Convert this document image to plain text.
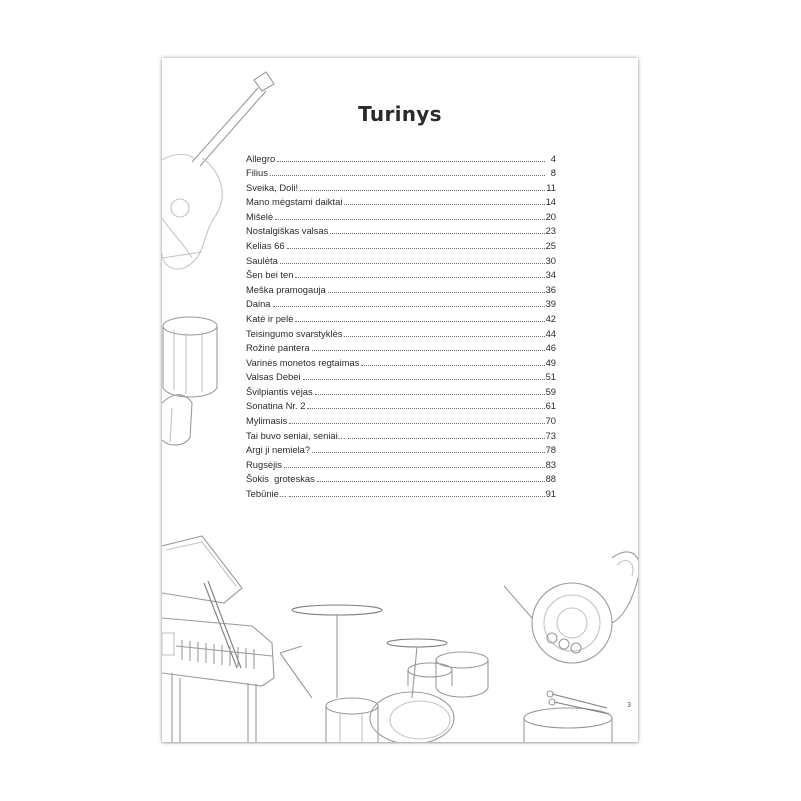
Turinys
Allegro	4
Filius	8
Sveika, Doli!	11
Mano mėgstami daiktai	14
Mišelė	20
Nostalgiškas valsas	23
Kelias 66	25
Saulėta	30
Šen bei ten	34
Meška pramogauja	36
Daina	39
Katė ir pelė	42
Teisingumo svarstyklės	44
Rožinė pantera	46
Varinės monetos regtaimas	49
Valsas Debei	51
Švilpiantis vėjas	59
Sonatina Nr. 2	61
Mylimasis	70
Tai buvo seniai, seniai...	73
Argi ji nemiela?	78
Rugsėjis	83
Šokis  groteskas	88
Tebūnie...	91
3
